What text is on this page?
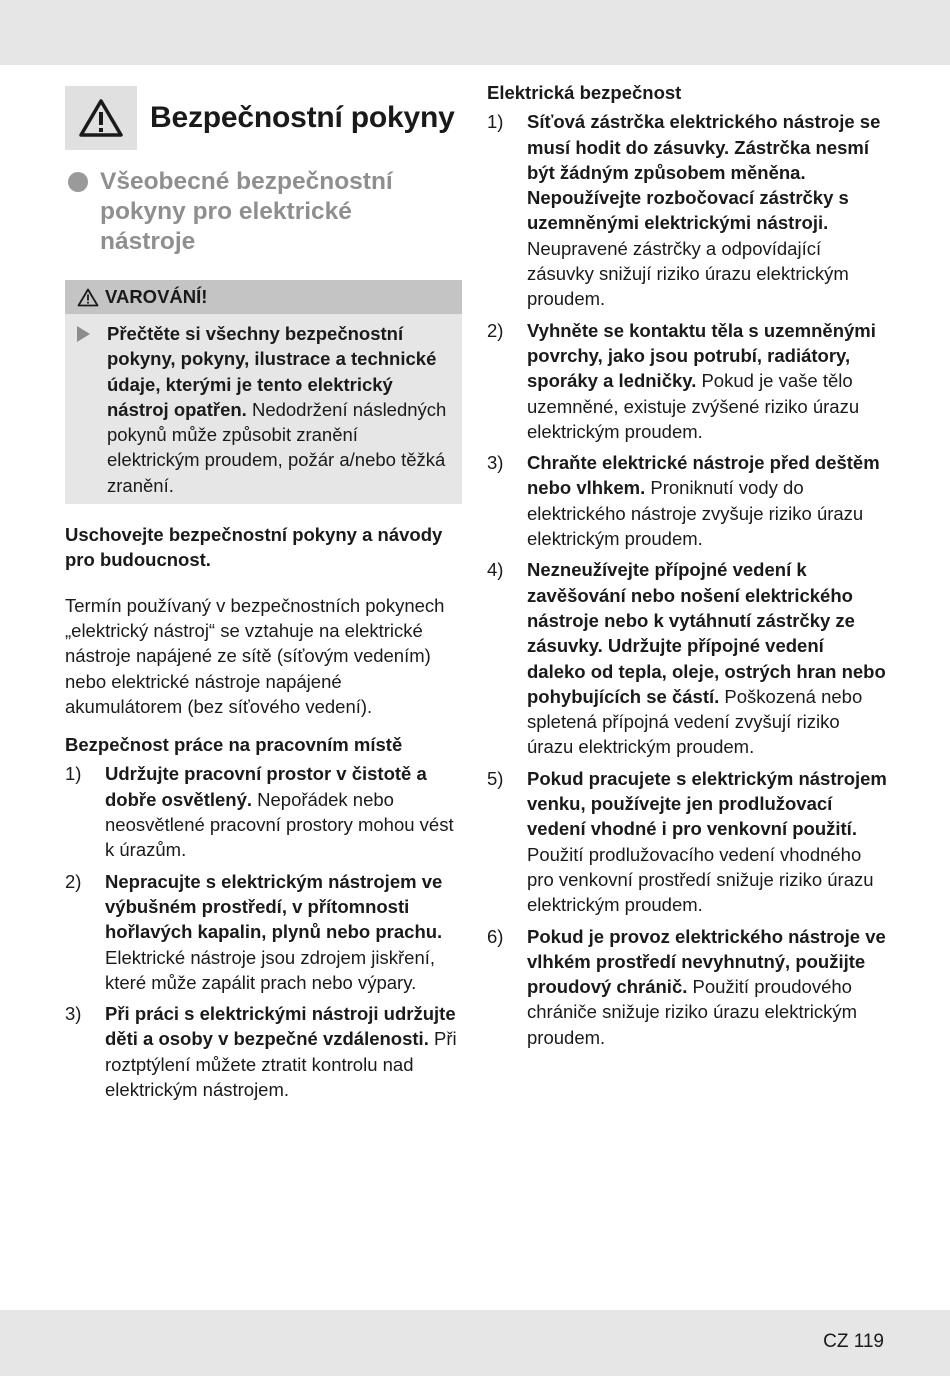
Bezpečnostní pokyny
Všeobecné bezpečnostní pokyny pro elektrické nástroje
VAROVÁNÍ!
Přečtěte si všechny bezpečnostní pokyny, pokyny, ilustrace a technické údaje, kterými je tento elektrický nástroj opatřen. Nedodržení následných pokynů může způsobit zranění elektrickým proudem, požár a/nebo těžká zranění.
Uschovejte bezpečnostní pokyny a návody pro budoucnost.
Termín používaný v bezpečnostních pokynech „elektrický nástroj“ se vztahuje na elektrické nástroje napájené ze sítě (síťovým vedením) nebo elektrické nástroje napájené akumulátorem (bez síťového vedení).
Bezpečnost práce na pracovním místě
1)	Udržujte pracovní prostor v čistotě a dobře osvětlený. Nepořádek nebo neosvětlené pracovní prostory mohou vést k úrazům.
2)	Nepracujte s elektrickým nástrojem ve výbušném prostředí, v přítomnosti hořlavých kapalin, plynů nebo prachu. Elektrické nástroje jsou zdrojem jiskření, které může zapálit prach nebo výpary.
3)	Při práci s elektrickými nástroji udržujte děti a osoby v bezpečné vzdálenosti. Při roztptýlení můžete ztratit kontrolu nad elektrickým nástrojem.
Elektrická bezpečnost
1)	Síťová zástrčka elektrického nástroje se musí hodit do zásuvky. Zástrčka nesmí být žádným způsobem měněna. Nepoužívejte rozbočovací zástrčky s uzemněnými elektrickými nástroji. Neupravené zástrčky a odpovídající zásuvky snižují riziko úrazu elektrickým proudem.
2)	Vyhněte se kontaktu těla s uzemněnými povrchy, jako jsou potrubí, radiátory, sporáky a ledničky. Pokud je vaše tělo uzemněné, existuje zvýšené riziko úrazu elektrickým proudem.
3)	Chraňte elektrické nástroje před deštěm nebo vlhkem. Proniknutí vody do elektrického nástroje zvyšuje riziko úrazu elektrickým proudem.
4)	Nezneužívejte přípojné vedení k zavěšování nebo nošení elektrického nástroje nebo k vytáhnutí zástrčky ze zásuvky. Udržujte přípojné vedení daleko od tepla, oleje, ostrých hran nebo pohybujících se částí. Poškozená nebo spletená přípojná vedení zvyšují riziko úrazu elektrickým proudem.
5)	Pokud pracujete s elektrickým nástrojem venku, používejte jen prodlužovací vedení vhodné i pro venkovní použití. Použití prodlužovacího vedení vhodného pro venkovní prostředí snižuje riziko úrazu elektrickým proudem.
6)	Pokud je provoz elektrického nástroje ve vlhkém prostředí nevyhnutný, použijte proudový chránič. Použití proudového chrániče snižuje riziko úrazu elektrickým proudem.
CZ 119
